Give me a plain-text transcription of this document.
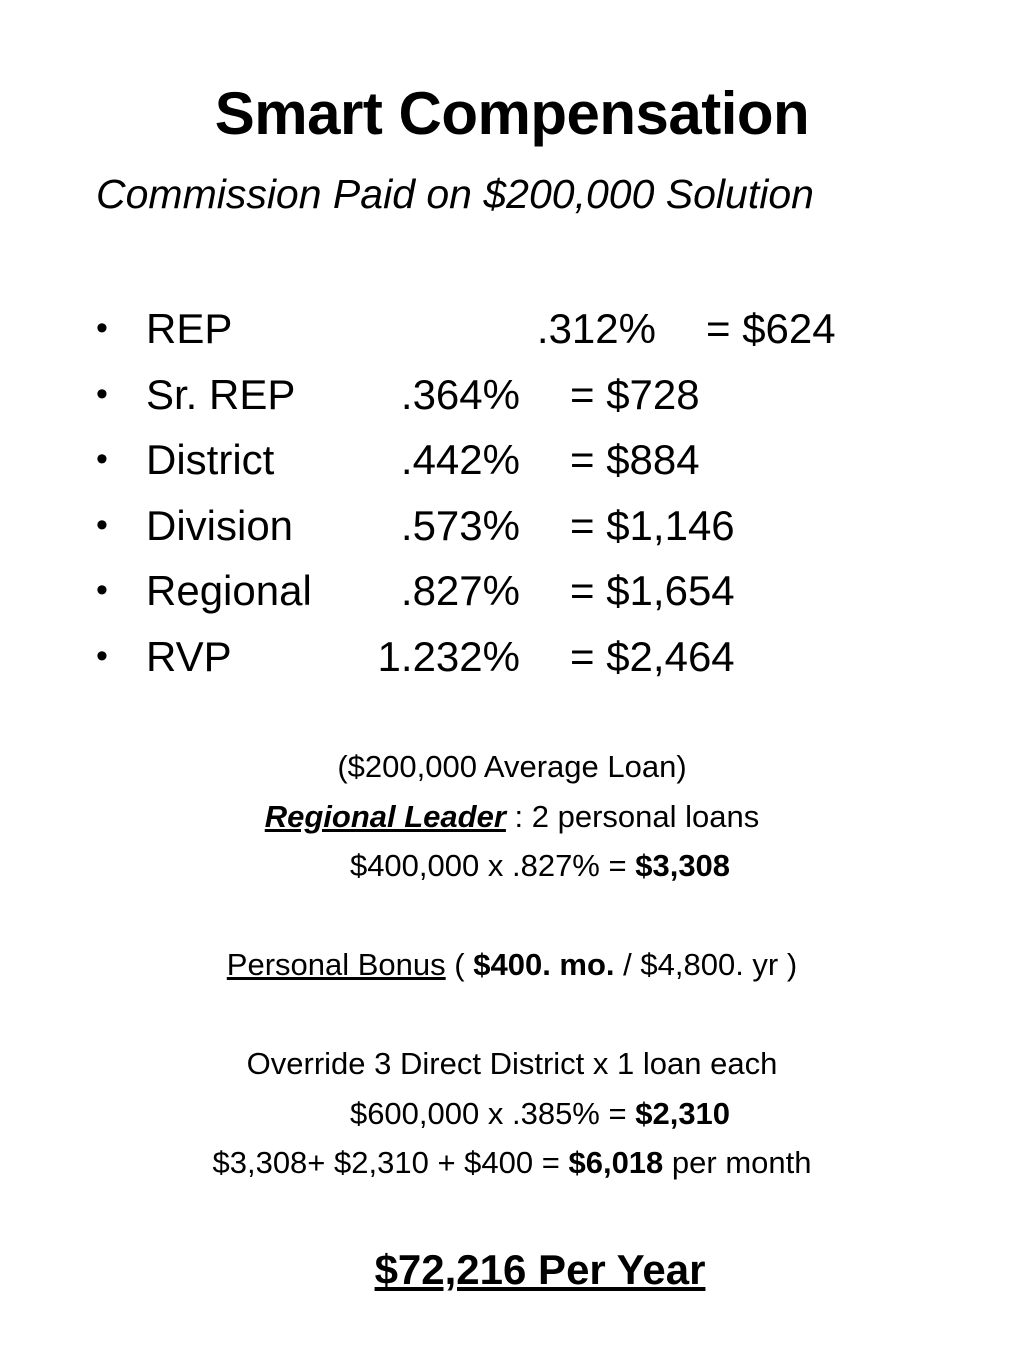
Smart Compensation
Commission Paid on $200,000 Solution
• REP	.312% = $624
• Sr. REP	.364% = $728
• District	.442% = $884
• Division	.573% = $1,146
• Regional	.827% = $1,654
• RVP	1.232% = $2,464
($200,000 Average Loan)
Regional Leader : 2 personal loans
$400,000 x .827% = $3,308
Personal Bonus ( $400. mo. / $4,800. yr )
Override 3 Direct District x 1 loan each
$600,000 x .385% = $2,310
$3,308+ $2,310 + $400 = $6,018 per month
$72,216 Per Year
